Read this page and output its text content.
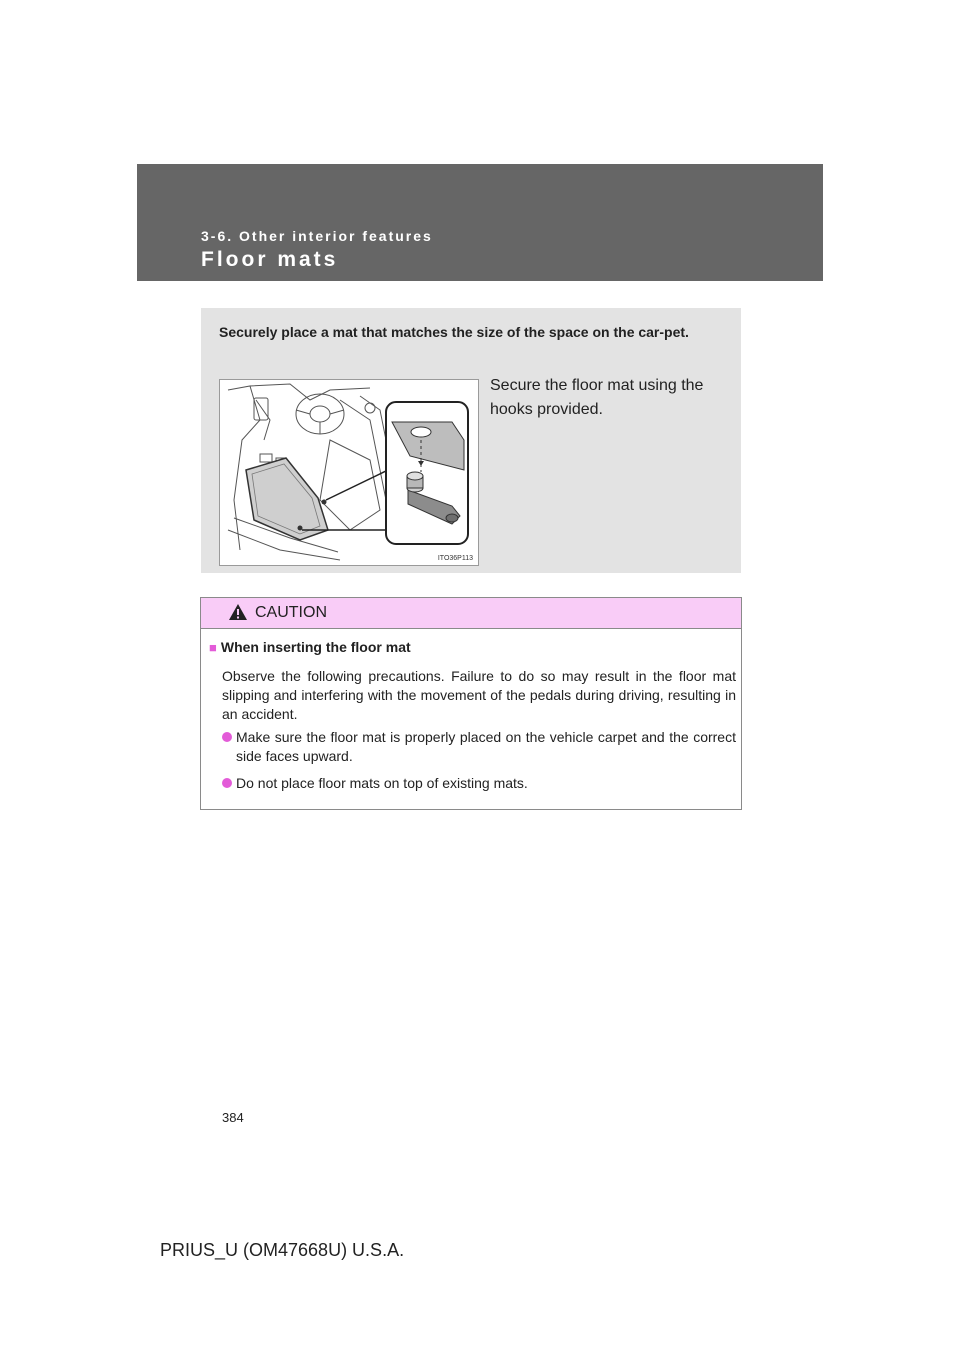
3-6. Other interior features
Floor mats
Securely place a mat that matches the size of the space on the car-pet.
ITO36P113
Secure the floor mat using the hooks provided.
CAUTION
■ When inserting the floor mat
Observe the following precautions. Failure to do so may result in the floor mat slipping and interfering with the movement of the pedals during driving, resulting in an accident.
Make sure the floor mat is properly placed on the vehicle carpet and the correct side faces upward.
Do not place floor mats on top of existing mats.
384
PRIUS_U (OM47668U) U.S.A.
